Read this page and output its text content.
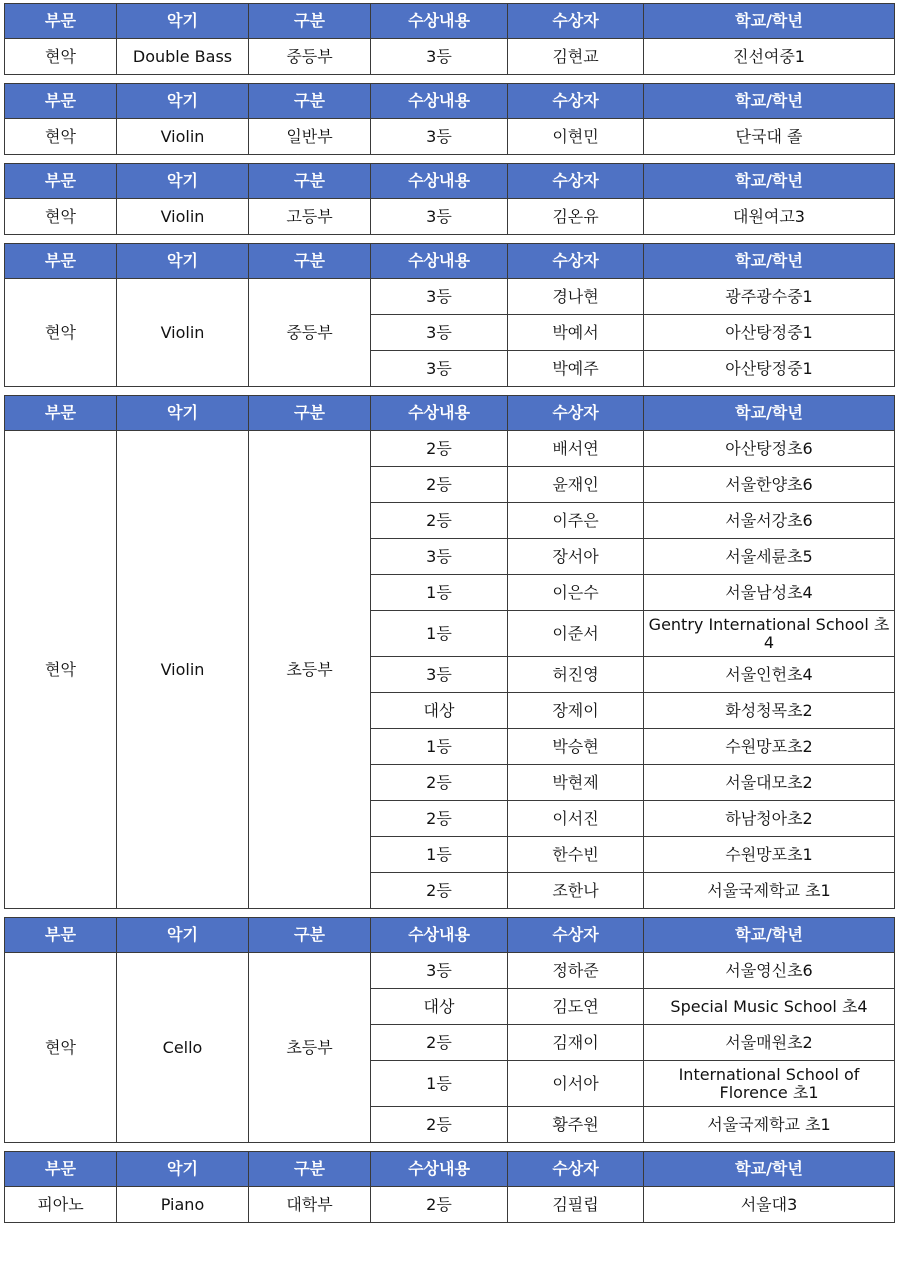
부문	악기	구분	수상내용	수상자	학교/학년
현악	Double Bass	중등부	3등	김현교	진선여중1
부문	악기	구분	수상내용	수상자	학교/학년
현악	Violin	일반부	3등	이현민	단국대 졸
부문	악기	구분	수상내용	수상자	학교/학년
현악	Violin	고등부	3등	김온유	대원여고3
부문	악기	구분	수상내용	수상자	학교/학년
현악	Violin	중등부	3등	경나현	광주광수중1
			3등	박예서	아산탕정중1
			3등	박예주	아산탕정중1
부문	악기	구분	수상내용	수상자	학교/학년
현악	Violin	초등부	2등	배서연	아산탕정초6
			2등	윤재인	서울한양초6
			2등	이주은	서울서강초6
			3등	장서아	서울세륜초5
			1등	이은수	서울남성초4
			1등	이준서	Gentry International School 초4
			3등	허진영	서울인헌초4
			대상	장제이	화성청목초2
			1등	박승현	수원망포초2
			2등	박현제	서울대모초2
			2등	이서진	하남청아초2
			1등	한수빈	수원망포초1
			2등	조한나	서울국제학교 초1
부문	악기	구분	수상내용	수상자	학교/학년
현악	Cello	초등부	3등	정하준	서울영신초6
			대상	김도연	Special Music School 초4
			2등	김재이	서울매원초2
			1등	이서아	International School of Florence 초1
			2등	황주원	서울국제학교 초1
부문	악기	구분	수상내용	수상자	학교/학년
피아노	Piano	대학부	2등	김필립	서울대3
